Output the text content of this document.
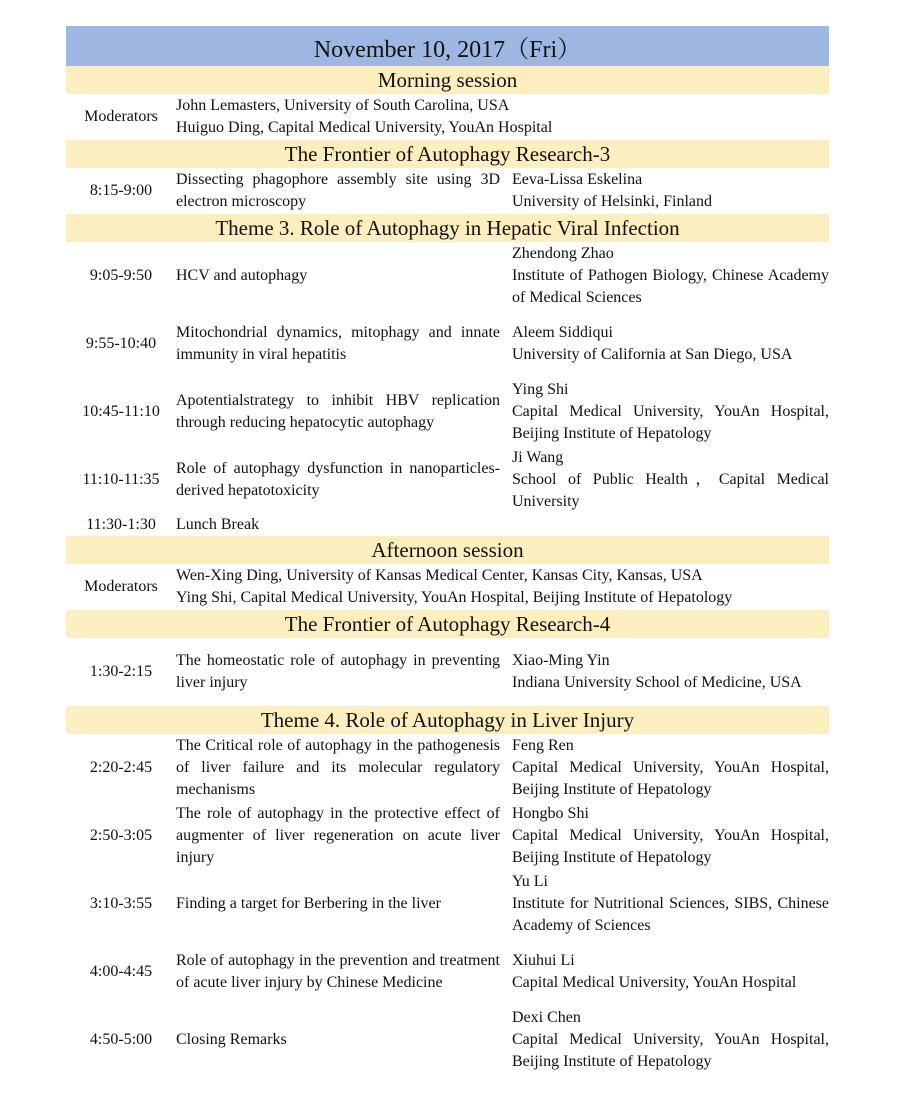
November 10, 2017（Fri）			
Morning session			
Moderators	John Lemasters, University of South Carolina, USA
Huiguo Ding, Capital Medical University, YouAn Hospital		

The Frontier of Autophagy Research-3			
8:15-9:00	Dissecting phagophore assembly site using 3D electron microscopy		Eeva-Lissa Eskelina
University of Helsinki, Finland

Theme 3. Role of Autophagy in Hepatic Viral Infection			
9:05-9:50	HCV and autophagy		Zhendong Zhao
Institute of Pathogen Biology, Chinese Academy of Medical Sciences

9:55-10:40	Mitochondrial dynamics, mitophagy and innate immunity in viral hepatitis		Aleem Siddiqui
University of California at San Diego, USA

10:45-11:10	Apotentialstrategy to inhibit HBV replication through reducing hepatocytic autophagy		Ying Shi
Capital Medical University, YouAn Hospital, Beijing Institute of Hepatology

11:10-11:35	Role of autophagy dysfunction in nanoparticles-derived hepatotoxicity		Ji Wang
School of Public Health，Capital Medical University

11:30-1:30	Lunch Break		
Afternoon session			
Moderators	Wen-Xing Ding, University of Kansas Medical Center, Kansas City, Kansas, USA
Ying Shi, Capital Medical University, YouAn Hospital, Beijing Institute of Hepatology		

The Frontier of Autophagy Research-4			
1:30-2:15	The homeostatic role of autophagy in preventing liver injury		Xiao-Ming Yin
Indiana University School of Medicine, USA

Theme 4. Role of Autophagy in Liver Injury			
2:20-2:45	The Critical role of autophagy in the pathogenesis of liver failure and its molecular regulatory mechanisms		Feng Ren
Capital Medical University, YouAn Hospital, Beijing Institute of Hepatology

2:50-3:05	The role of autophagy in the protective effect of augmenter of liver regeneration on acute liver injury		Hongbo Shi
Capital Medical University, YouAn Hospital, Beijing Institute of Hepatology

3:10-3:55	Finding a target for Berbering in the liver		Yu Li
Institute for Nutritional Sciences, SIBS, Chinese Academy of Sciences

4:00-4:45	Role of autophagy in the prevention and treatment of acute liver injury by Chinese Medicine		Xiuhui Li
Capital Medical University, YouAn Hospital

4:50-5:00	Closing Remarks		Dexi Chen
Capital Medical University, YouAn Hospital, Beijing Institute of Hepatology
